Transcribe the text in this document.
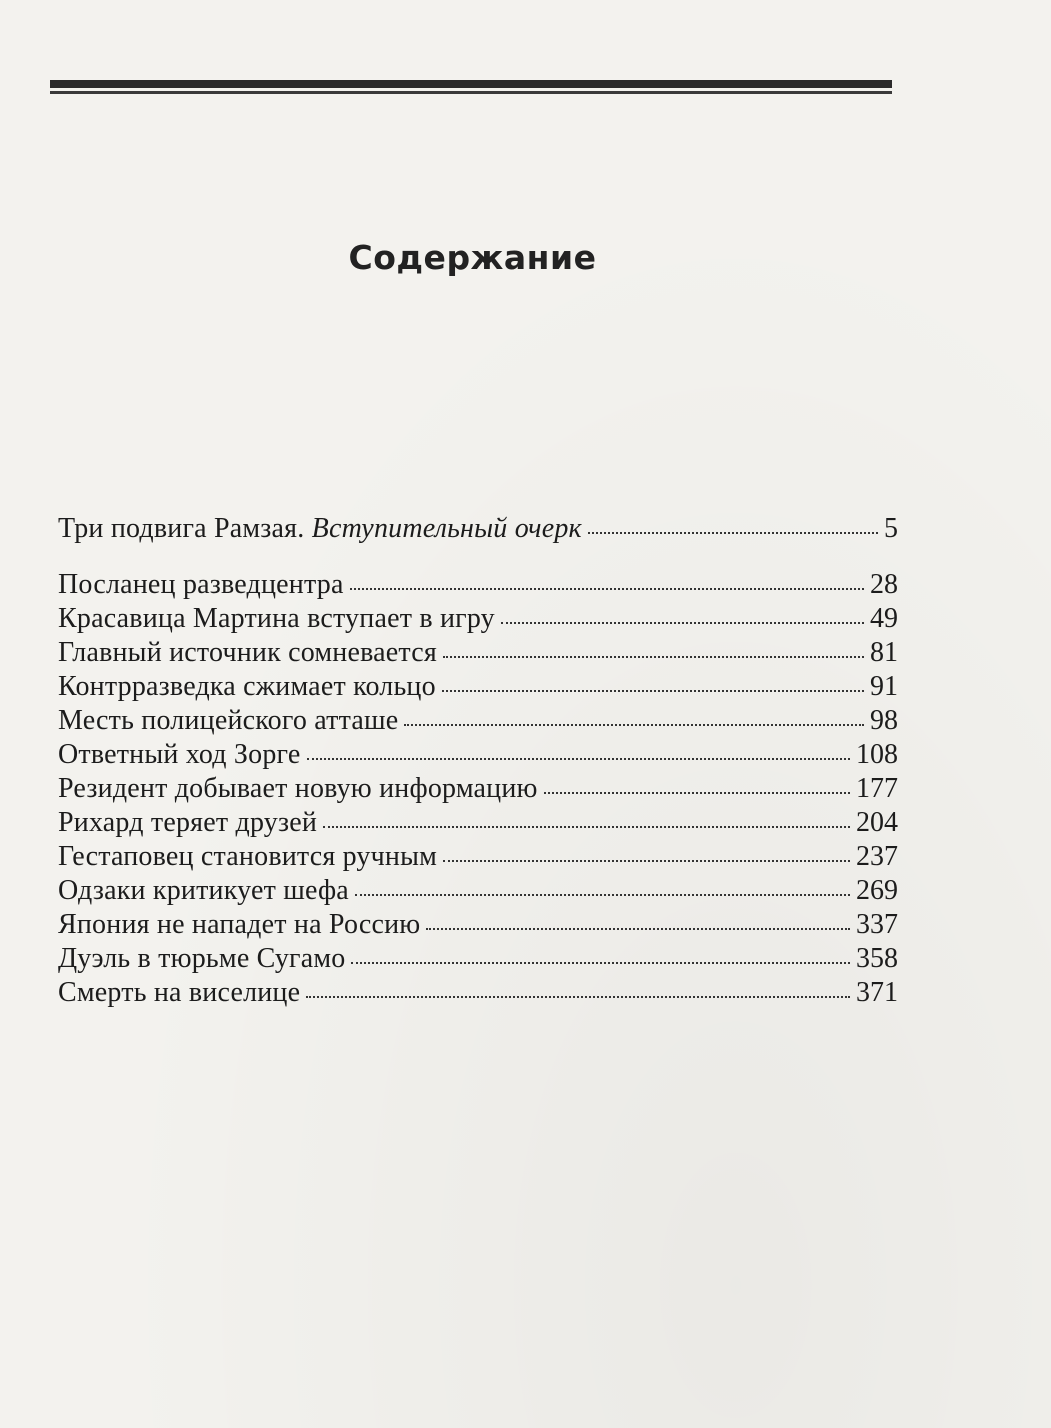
Содержание
Три подвига Рамзая. Вступительный очерк	5
Посланец разведцентра	28
Красавица Мартина вступает в игру	49
Главный источник сомневается	81
Контрразведка сжимает кольцо	91
Месть полицейского атташе	98
Ответный ход Зорге	108
Резидент добывает новую информацию	177
Рихард теряет друзей	204
Гестаповец становится ручным	237
Одзаки критикует шефа	269
Япония не нападет на Россию	337
Дуэль в тюрьме Сугамо	358
Смерть на виселице	371
